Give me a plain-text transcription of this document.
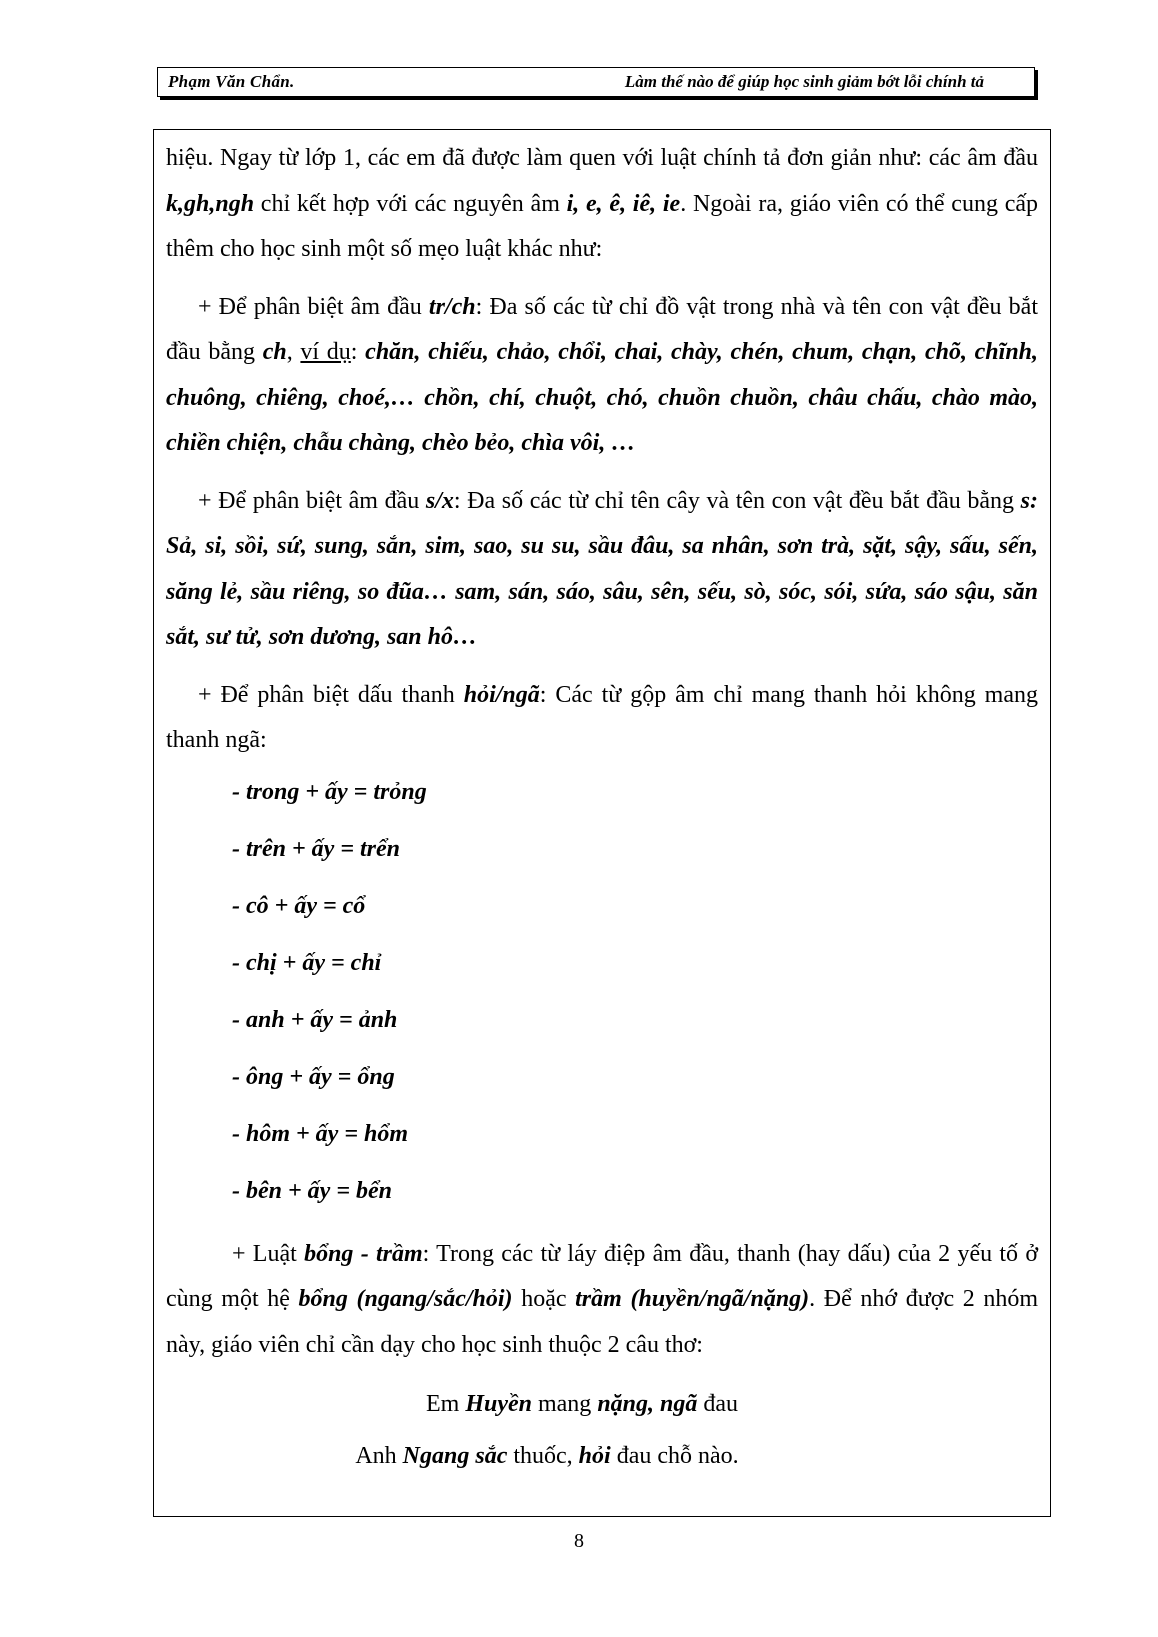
Phạm Văn Chẩn.	Làm thế nào để giúp học sinh giảm bớt lỗi chính tả

hiệu. Ngay từ lớp 1, các em đã được làm quen với luật chính tả đơn giản như: các âm đầu k,gh,ngh chỉ kết hợp với các nguyên âm i, e, ê, iê, ie. Ngoài ra, giáo viên có thể cung cấp thêm cho học sinh một số mẹo luật khác như:

+ Để phân biệt âm đầu tr/ch: Đa số các từ chỉ đồ vật trong nhà và tên con vật đều bắt đầu bằng ch, ví dụ: chăn, chiếu, chảo, chổi, chai, chày, chén, chum, chạn, chõ, chĩnh, chuông, chiêng, choé,… chồn, chí, chuột, chó, chuồn chuồn, châu chấu, chào mào, chiền chiện, chẫu chàng, chèo bẻo, chìa vôi, …

+ Để phân biệt âm đầu s/x: Đa số các từ chỉ tên cây và tên con vật đều bắt đầu bằng s: Sả, si, sồi, sứ, sung, sắn, sim, sao, su su, sầu đâu, sa nhân, sơn trà, sặt, sậy, sấu, sến, săng lẻ, sầu riêng, so đũa… sam, sán, sáo, sâu, sên, sếu, sò, sóc, sói, sứa, sáo sậu, săn sắt, sư tử, sơn dương, san hô…

+ Để phân biệt dấu thanh hỏi/ngã: Các từ gộp âm chỉ mang thanh hỏi không mang thanh ngã:

- trong + ấy = trỏng

- trên + ấy = trển

- cô + ấy = cổ

- chị + ấy = chỉ

- anh + ấy = ảnh

- ông + ấy = ổng

- hôm + ấy = hổm

- bên + ấy = bển

+ Luật bổng - trầm: Trong các từ láy điệp âm đầu, thanh (hay dấu) của 2 yếu tố ở cùng một hệ bổng (ngang/sắc/hỏi) hoặc trầm (huyền/ngã/nặng). Để nhớ được 2 nhóm này, giáo viên chỉ cần dạy cho học sinh thuộc 2 câu thơ:

Em Huyền mang nặng, ngã đau

Anh Ngang sắc thuốc, hỏi đau chỗ nào.

8
